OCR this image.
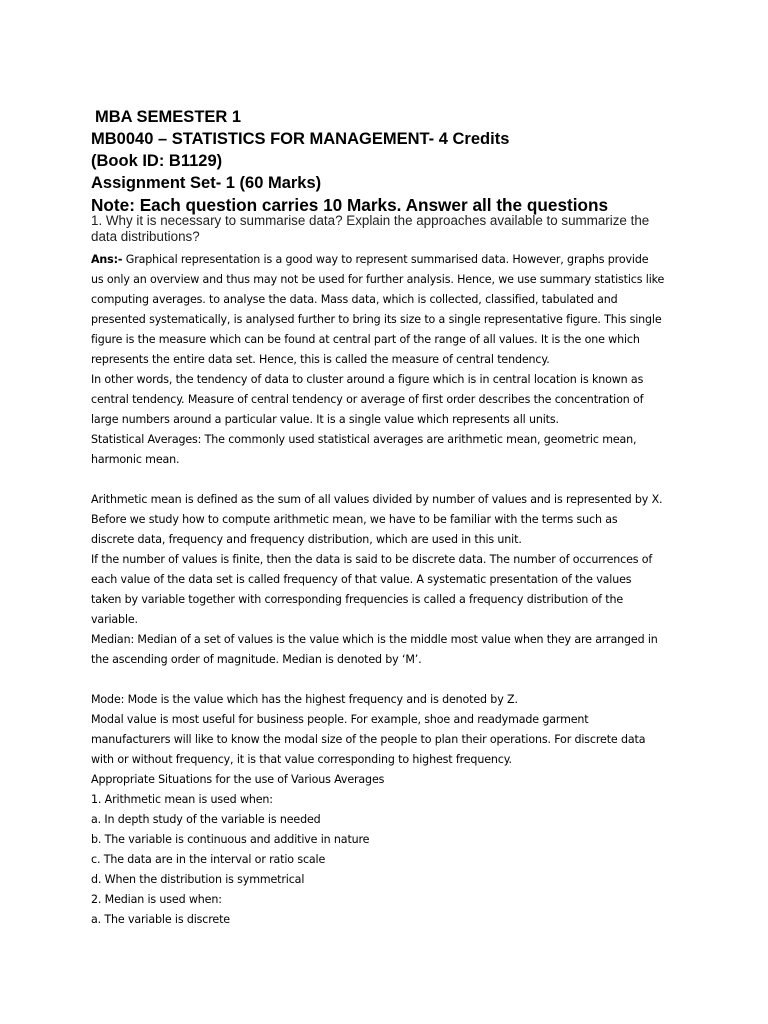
MBA SEMESTER 1
MB0040 – STATISTICS FOR MANAGEMENT- 4 Credits
(Book ID: B1129)
Assignment Set- 1 (60 Marks)
Note: Each question carries 10 Marks. Answer all the questions
1. Why it is necessary to summarise data? Explain the approaches available to summarize the
data distributions?
Ans:- Graphical representation is a good way to represent summarised data. However, graphs provide
us only an overview and thus may not be used for further analysis. Hence, we use summary statistics like
computing averages. to analyse the data. Mass data, which is collected, classified, tabulated and
presented systematically, is analysed further to bring its size to a single representative figure. This single
figure is the measure which can be found at central part of the range of all values. It is the one which
represents the entire data set. Hence, this is called the measure of central tendency.
In other words, the tendency of data to cluster around a figure which is in central location is known as
central tendency. Measure of central tendency or average of first order describes the concentration of
large numbers around a particular value. It is a single value which represents all units.
Statistical Averages: The commonly used statistical averages are arithmetic mean, geometric mean,
harmonic mean.
Arithmetic mean is defined as the sum of all values divided by number of values and is represented by X.
Before we study how to compute arithmetic mean, we have to be familiar with the terms such as
discrete data, frequency and frequency distribution, which are used in this unit.
If the number of values is finite, then the data is said to be discrete data. The number of occurrences of
each value of the data set is called frequency of that value. A systematic presentation of the values
taken by variable together with corresponding frequencies is called a frequency distribution of the
variable.
Median: Median of a set of values is the value which is the middle most value when they are arranged in
the ascending order of magnitude. Median is denoted by ‘M’.
Mode: Mode is the value which has the highest frequency and is denoted by Z.
Modal value is most useful for business people. For example, shoe and readymade garment
manufacturers will like to know the modal size of the people to plan their operations. For discrete data
with or without frequency, it is that value corresponding to highest frequency.
Appropriate Situations for the use of Various Averages
1. Arithmetic mean is used when:
a. In depth study of the variable is needed
b. The variable is continuous and additive in nature
c. The data are in the interval or ratio scale
d. When the distribution is symmetrical
2. Median is used when:
a. The variable is discrete
